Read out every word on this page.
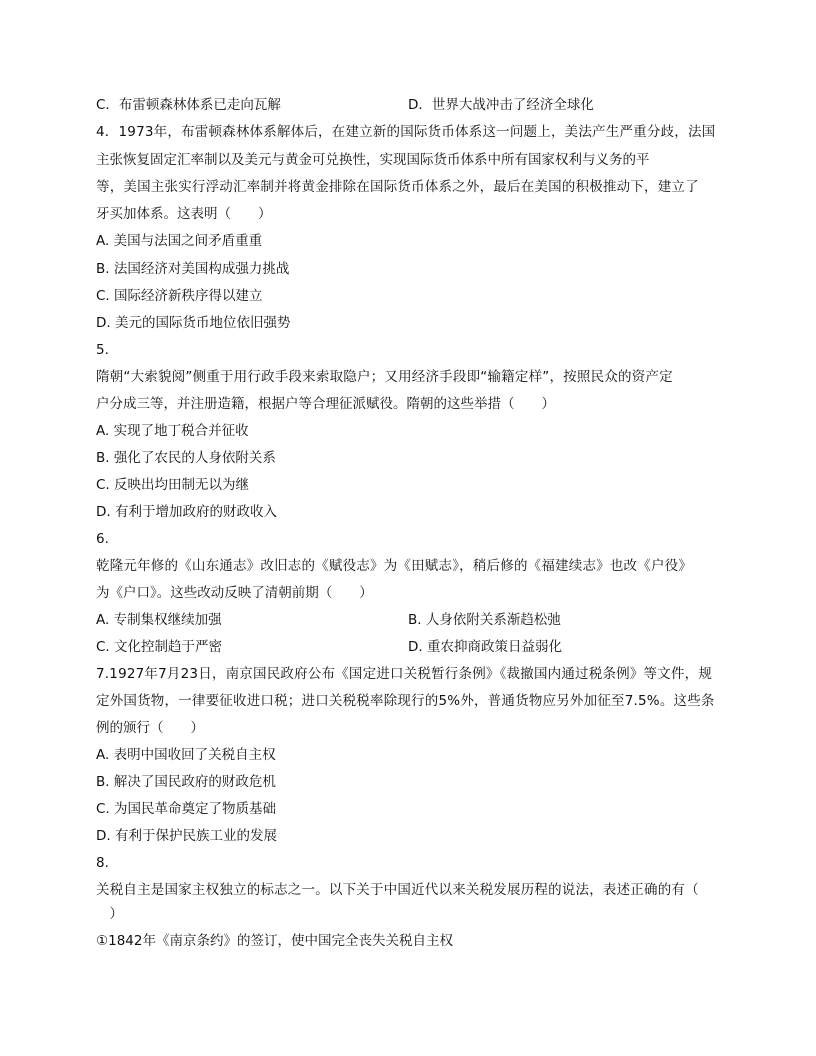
C．布雷顿森林体系已走向瓦解	D．世界大战冲击了经济全球化
4．1973年，布雷顿森林体系解体后，在建立新的国际货币体系这一问题上，美法产生严重分歧，法国
主张恢复固定汇率制以及美元与黄金可兑换性，实现国际货币体系中所有国家权利与义务的平
等，美国主张实行浮动汇率制并将黄金排除在国际货币体系之外，最后在美国的积极推动下，建立了
牙买加体系。这表明（　　）
A. 美国与法国之间矛盾重重
B. 法国经济对美国构成强力挑战
C. 国际经济新秩序得以建立
D. 美元的国际货币地位依旧强势
5.
隋朝“大索貌阅”侧重于用行政手段来索取隐户；又用经济手段即“输籍定样”，按照民众的资产定
户分成三等，并注册造籍，根据户等合理征派赋役。隋朝的这些举措（　　）
A. 实现了地丁税合并征收
B. 强化了农民的人身依附关系
C. 反映出均田制无以为继
D. 有利于增加政府的财政收入
6.
乾隆元年修的《山东通志》改旧志的《赋役志》为《田赋志》，稍后修的《福建续志》也改《户役》
为《户口》。这些改动反映了清朝前期（　　）
A. 专制集权继续加强	B. 人身依附关系渐趋松弛
C. 文化控制趋于严密	D. 重农抑商政策日益弱化
7.1927年7月23日，南京国民政府公布《国定进口关税暂行条例》《裁撤国内通过税条例》等文件，规
定外国货物，一律要征收进口税；进口关税税率除现行的5%外，普通货物应另外加征至7.5%。这些条
例的颁行（　　）
A. 表明中国收回了关税自主权
B. 解决了国民政府的财政危机
C. 为国民革命奠定了物质基础
D. 有利于保护民族工业的发展
8.
关税自主是国家主权独立的标志之一。以下关于中国近代以来关税发展历程的说法，表述正确的有（
　）
①1842年《南京条约》的签订，使中国完全丧失关税自主权
